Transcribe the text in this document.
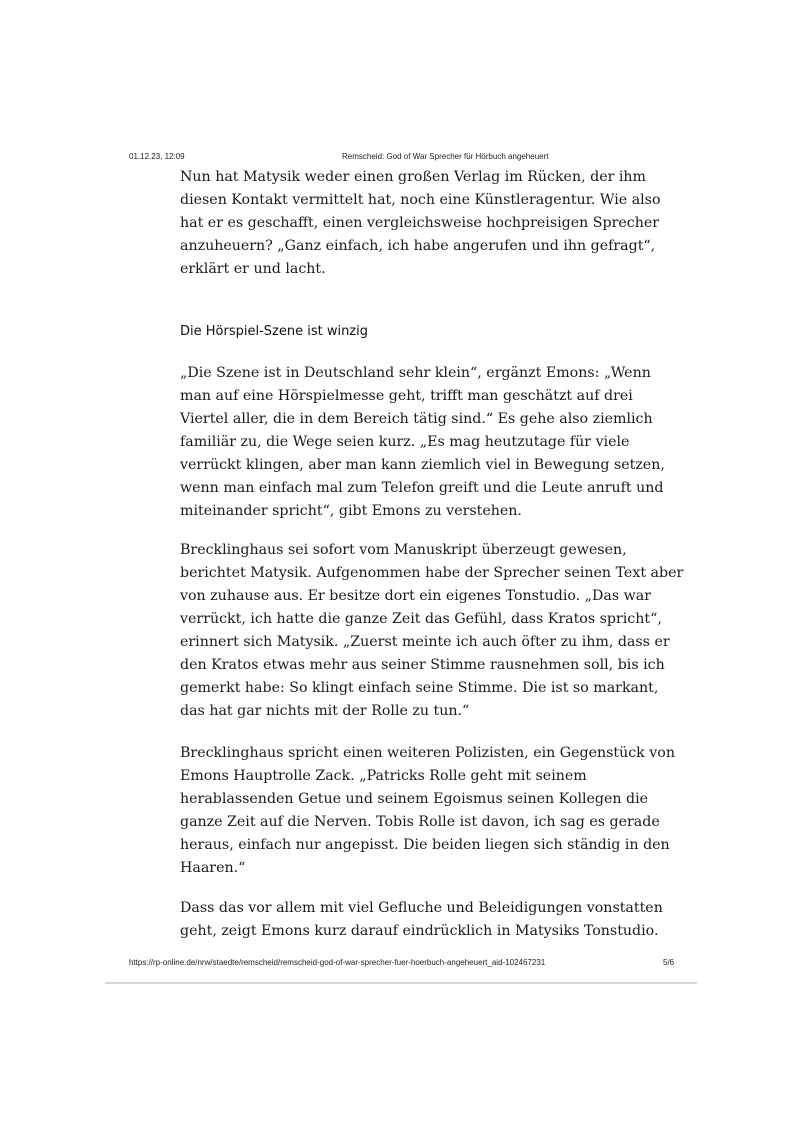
01.12.23, 12:09	Remscheid: God of War Sprecher für Hörbuch angeheuert
Nun hat Matysik weder einen großen Verlag im Rücken, der ihm
diesen Kontakt vermittelt hat, noch eine Künstleragentur. Wie also
hat er es geschafft, einen vergleichsweise hochpreisigen Sprecher
anzuheuern? „Ganz einfach, ich habe angerufen und ihn gefragt“,
erklärt er und lacht.
Die Hörspiel-Szene ist winzig
„Die Szene ist in Deutschland sehr klein“, ergänzt Emons: „Wenn
man auf eine Hörspielmesse geht, trifft man geschätzt auf drei
Viertel aller, die in dem Bereich tätig sind.“ Es gehe also ziemlich
familiär zu, die Wege seien kurz. „Es mag heutzutage für viele
verrückt klingen, aber man kann ziemlich viel in Bewegung setzen,
wenn man einfach mal zum Telefon greift und die Leute anruft und
miteinander spricht“, gibt Emons zu verstehen.
Brecklinghaus sei sofort vom Manuskript überzeugt gewesen,
berichtet Matysik. Aufgenommen habe der Sprecher seinen Text aber
von zuhause aus. Er besitze dort ein eigenes Tonstudio. „Das war
verrückt, ich hatte die ganze Zeit das Gefühl, dass Kratos spricht“,
erinnert sich Matysik. „Zuerst meinte ich auch öfter zu ihm, dass er
den Kratos etwas mehr aus seiner Stimme rausnehmen soll, bis ich
gemerkt habe: So klingt einfach seine Stimme. Die ist so markant,
das hat gar nichts mit der Rolle zu tun.“
Brecklinghaus spricht einen weiteren Polizisten, ein Gegenstück von
Emons Hauptrolle Zack. „Patricks Rolle geht mit seinem
herablassenden Getue und seinem Egoismus seinen Kollegen die
ganze Zeit auf die Nerven. Tobis Rolle ist davon, ich sag es gerade
heraus, einfach nur angepisst. Die beiden liegen sich ständig in den
Haaren.“
Dass das vor allem mit viel Gefluche und Beleidigungen vonstatten
geht, zeigt Emons kurz darauf eindrücklich in Matysiks Tonstudio.
https://rp-online.de/nrw/staedte/remscheid/remscheid-god-of-war-sprecher-fuer-hoerbuch-angeheuert_aid-102467231	5/6
